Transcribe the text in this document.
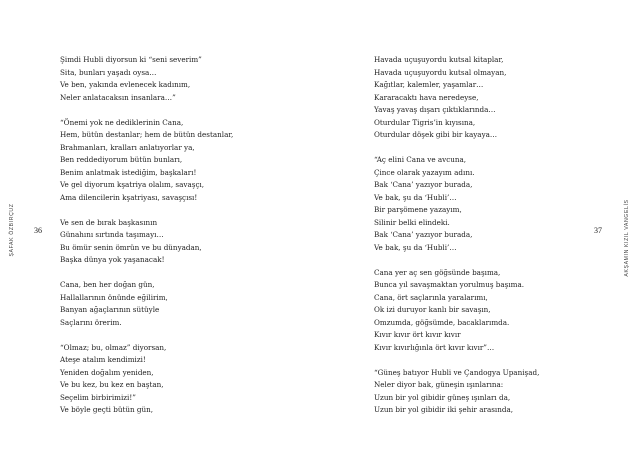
ŞAFAK ÖZBIRÇUZ 36
Şimdi Hubli diyorsun ki “seni severim”
Sita, bunları yaşadı oysa…
Ve ben, yakında evlenecek kadınım,
Neler anlatacaksın insanlara…”
“Önemi yok ne dediklerinin Cana,
Hem, bütün destanlar; hem de bütün destanlar,
Brahmanları, kralları anlatıyorlar ya,
Ben reddediyorum bütün bunları,
Benim anlatmak istediğim, başkaları!
Ve gel diyorum kşatriya olalım, savaşçı,
Ama dilencilerin kşatriyası, savaşçısı!
Ve sen de bırak başkasının
Günahını sırtında taşımayı…
Bu ömür senin ömrün ve bu dünyadan,
Başka dünya yok yaşanacak!
Cana, ben her doğan gün,
Hallallarının önünde eğilirim,
Banyan ağaçlarının sütüyle
Saçlarını örerim.
“Olmaz; bu, olmaz” diyorsan,
Ateşe atalım kendimizi!
Yeniden doğalım yeniden,
Ve bu kez, bu kez en baştan,
Seçelim birbirimizi!”
Ve böyle geçti bütün gün,
37	AKŞAMIN KIZIL VANGELİS
Havada uçuşuyordu kutsal kitaplar,
Havada uçuşuyordu kutsal olmayan,
Kağıtlar, kalemler, yaşamlar…
Kararacaktı hava neredeyse,
Yavaş yavaş dışarı çıktıklarında…
Oturdular Tigris’in kıyısına,
Oturdular döşek gibi bir kayaya…
“Aç elini Cana ve avcuna,
Çince olarak yazayım adını.
Bak ‘Cana’ yazıyor burada,
Ve bak, şu da ‘Hubli’…
Bir parşömene yazayım,
Silinir belki elindeki.
Bak ‘Cana’ yazıyor burada,
Ve bak, şu da ‘Hubli’…
Cana yer aç sen göğsünde başıma,
Bunca yıl savaşmaktan yorulmuş başıma.
Cana, ört saçlarınla yaralarımı,
Ok izi duruyor kanlı bir savaşın,
Omzumda, göğsümde, bacaklarımda.
Kıvır kıvır ört kıvır kıvır
Kıvır kıvırlığınla ört kıvır kıvır”…
“Güneş batıyor Hubli ve Çandogya Upanişad,
Neler diyor bak, güneşin ışınlarına:
Uzun bir yol gibidir güneş ışınları da,
Uzun bir yol gibidir iki şehir arasında,
